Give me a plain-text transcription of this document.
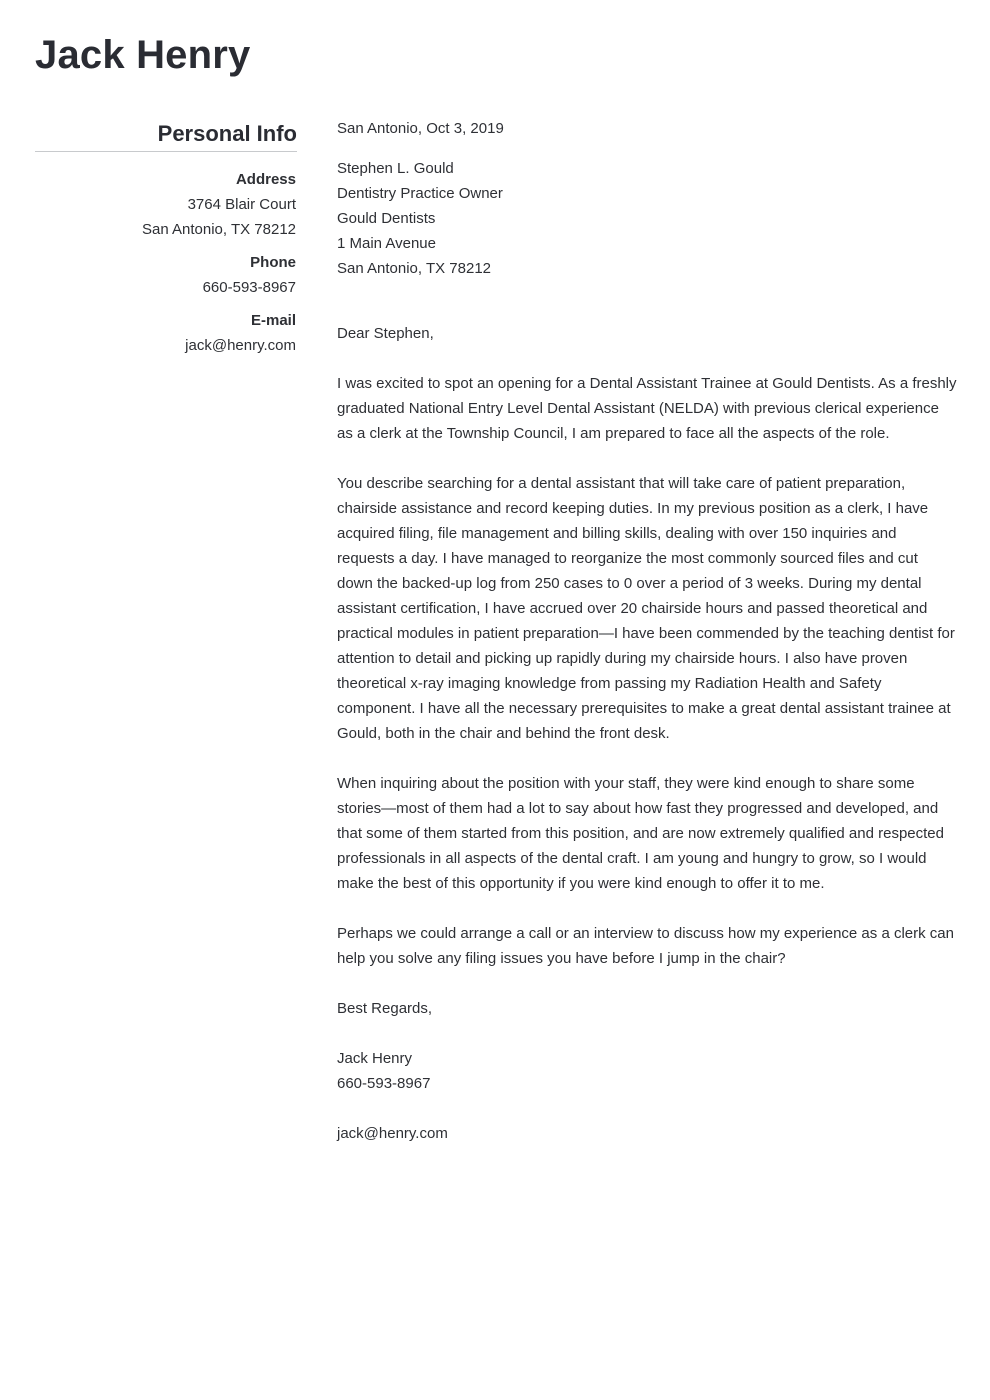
Jack Henry
Personal Info
Address
3764 Blair Court
San Antonio, TX 78212
Phone
660-593-8967
E-mail
jack@henry.com

San Antonio, Oct 3, 2019

Stephen L. Gould
Dentistry Practice Owner
Gould Dentists
1 Main Avenue
San Antonio, TX 78212

Dear Stephen,

I was excited to spot an opening for a Dental Assistant Trainee at Gould Dentists. As a freshly graduated National Entry Level Dental Assistant (NELDA) with previous clerical experience as a clerk at the Township Council, I am prepared to face all the aspects of the role.

You describe searching for a dental assistant that will take care of patient preparation, chairside assistance and record keeping duties. In my previous position as a clerk, I have acquired filing, file management and billing skills, dealing with over 150 inquiries and requests a day. I have managed to reorganize the most commonly sourced files and cut down the backed-up log from 250 cases to 0 over a period of 3 weeks. During my dental assistant certification, I have accrued over 20 chairside hours and passed theoretical and practical modules in patient preparation—I have been commended by the teaching dentist for attention to detail and picking up rapidly during my chairside hours. I also have proven theoretical x-ray imaging knowledge from passing my Radiation Health and Safety component. I have all the necessary prerequisites to make a great dental assistant trainee at Gould, both in the chair and behind the front desk.

When inquiring about the position with your staff, they were kind enough to share some stories—most of them had a lot to say about how fast they progressed and developed, and that some of them started from this position, and are now extremely qualified and respected professionals in all aspects of the dental craft. I am young and hungry to grow, so I would make the best of this opportunity if you were kind enough to offer it to me.

Perhaps we could arrange a call or an interview to discuss how my experience as a clerk can help you solve any filing issues you have before I jump in the chair?

Best Regards,

Jack Henry
660-593-8967
jack@henry.com
